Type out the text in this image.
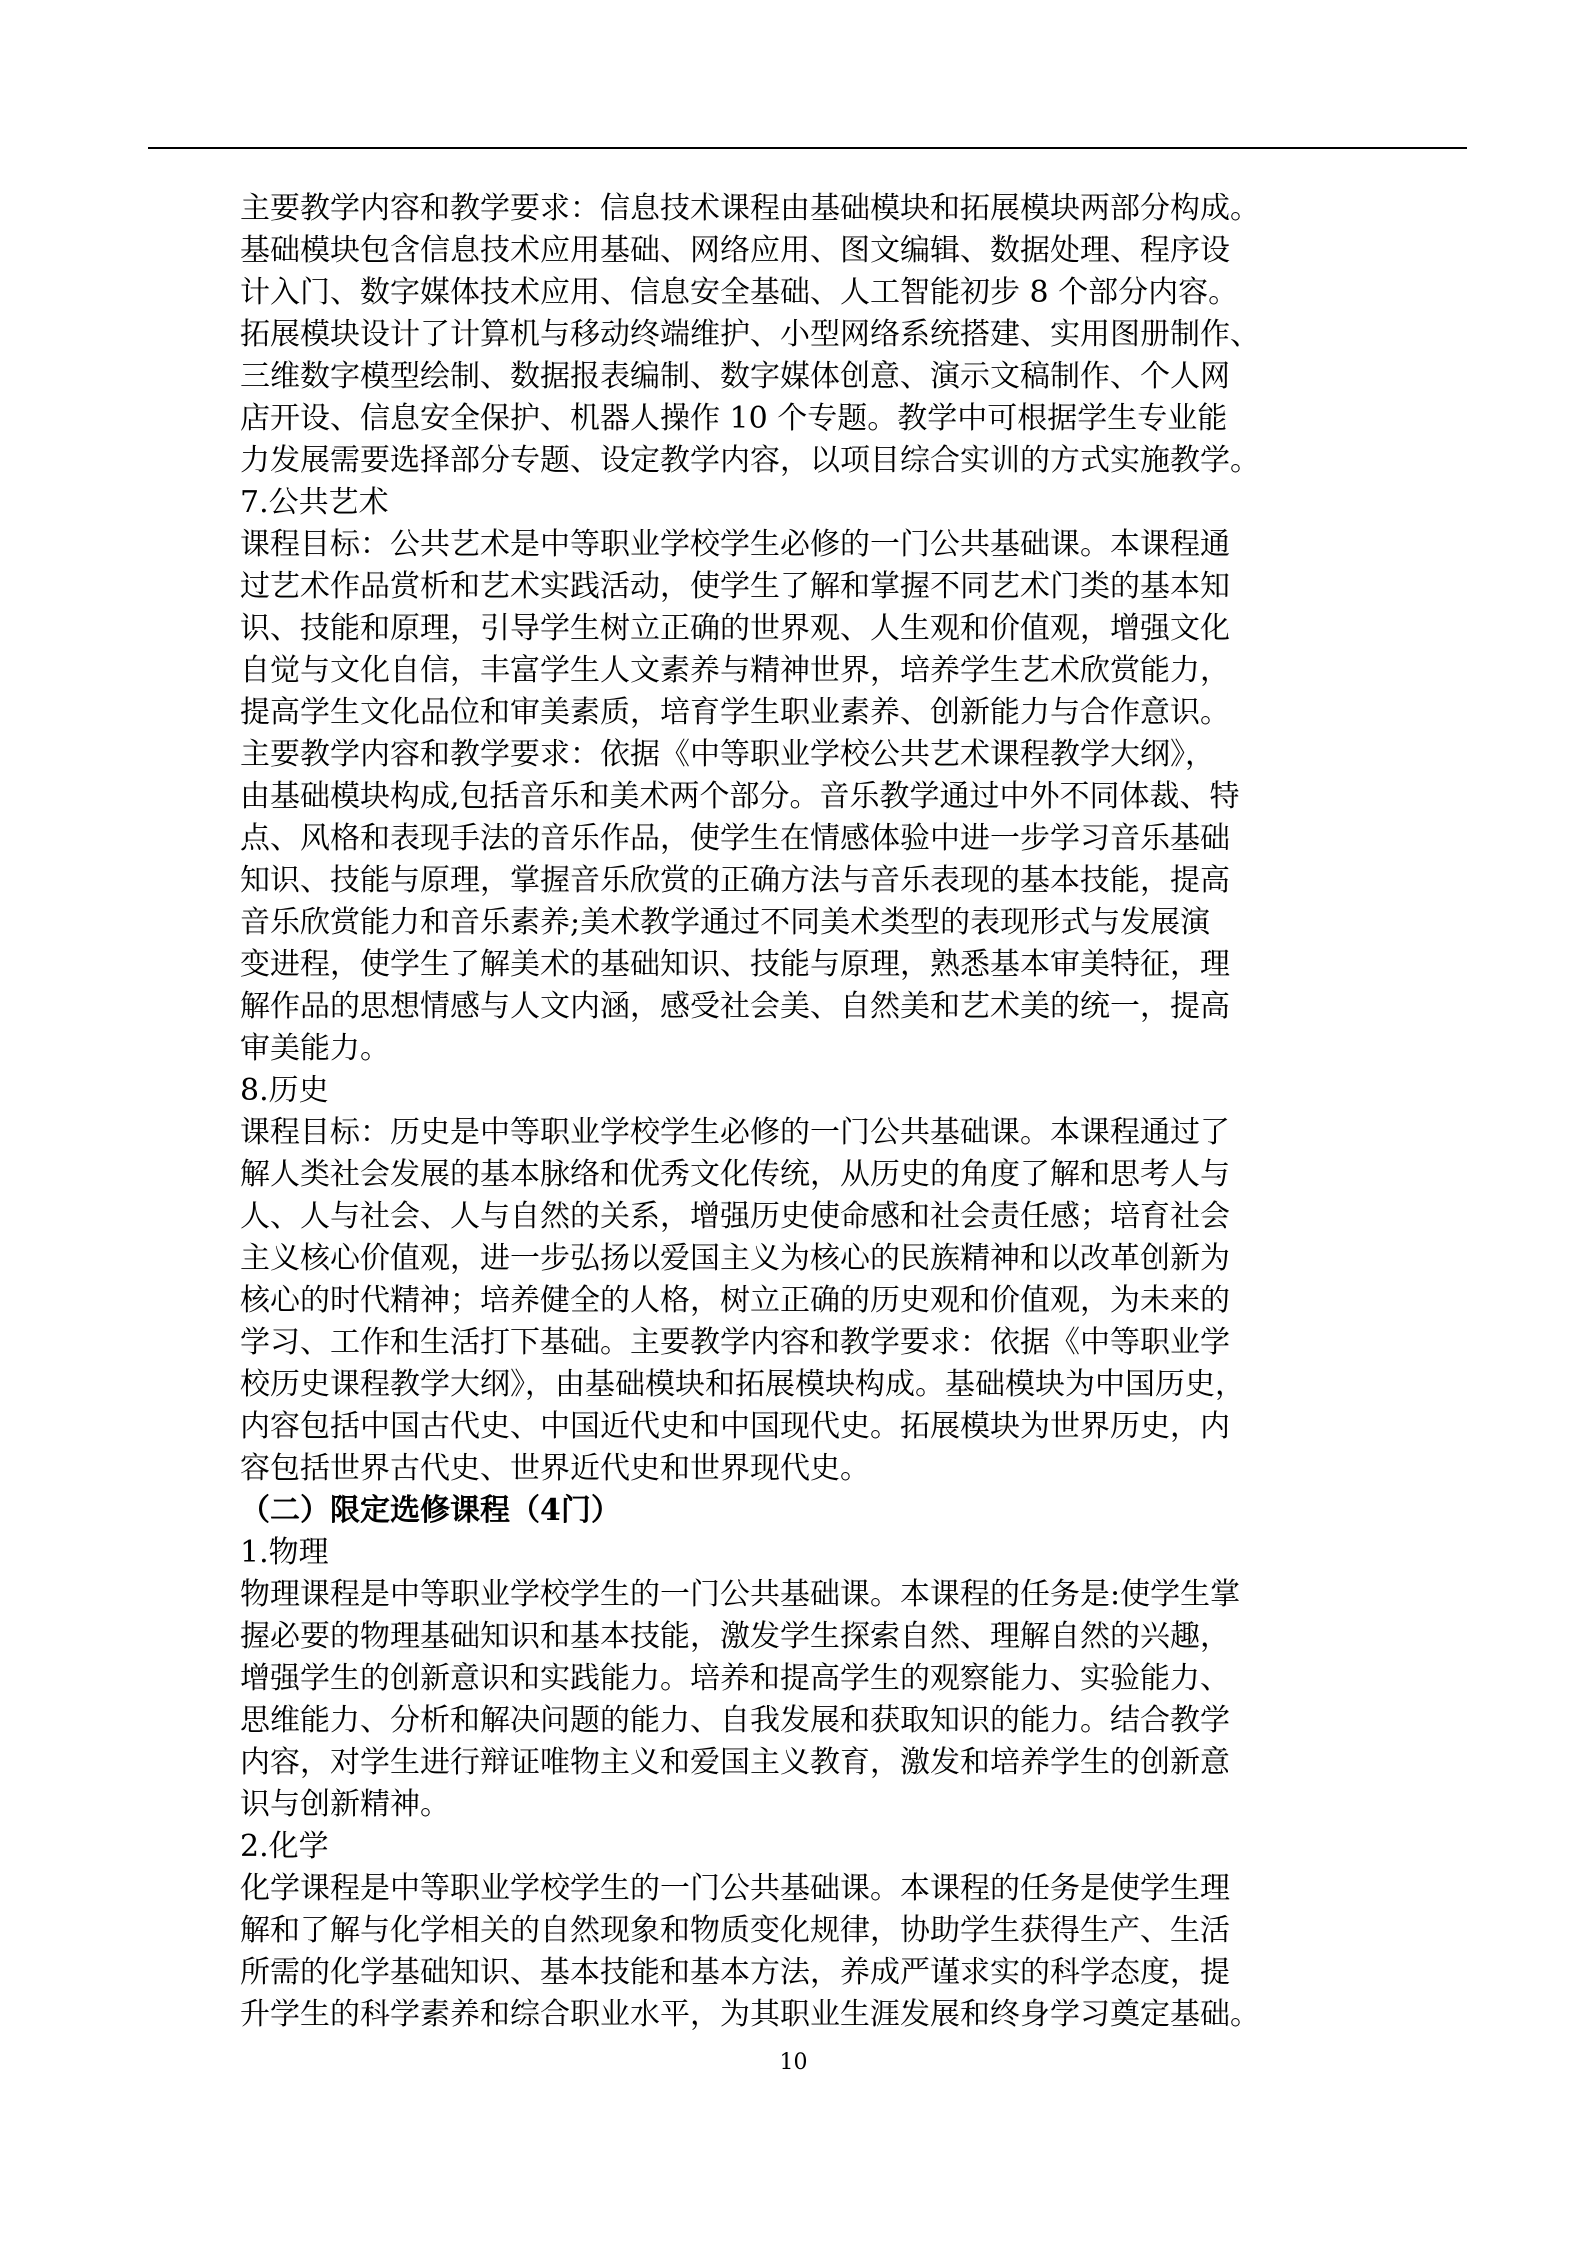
主要教学内容和教学要求：信息技术课程由基础模块和拓展模块两部分构成。
基础模块包含信息技术应用基础、网络应用、图文编辑、数据处理、程序设
计入门、数字媒体技术应用、信息安全基础、人工智能初步 8 个部分内容。
拓展模块设计了计算机与移动终端维护、小型网络系统搭建、实用图册制作、
三维数字模型绘制、数据报表编制、数字媒体创意、演示文稿制作、个人网
店开设、信息安全保护、机器人操作 10 个专题。教学中可根据学生专业能
力发展需要选择部分专题、设定教学内容，以项目综合实训的方式实施教学。
7.公共艺术
课程目标：公共艺术是中等职业学校学生必修的一门公共基础课。本课程通
过艺术作品赏析和艺术实践活动，使学生了解和掌握不同艺术门类的基本知
识、技能和原理，引导学生树立正确的世界观、人生观和价值观，增强文化
自觉与文化自信，丰富学生人文素养与精神世界，培养学生艺术欣赏能力，
提高学生文化品位和审美素质，培育学生职业素养、创新能力与合作意识。
主要教学内容和教学要求：依据《中等职业学校公共艺术课程教学大纲》，
由基础模块构成,包括音乐和美术两个部分。音乐教学通过中外不同体裁、特
点、风格和表现手法的音乐作品，使学生在情感体验中进一步学习音乐基础
知识、技能与原理，掌握音乐欣赏的正确方法与音乐表现的基本技能，提高
音乐欣赏能力和音乐素养;美术教学通过不同美术类型的表现形式与发展演
变进程，使学生了解美术的基础知识、技能与原理，熟悉基本审美特征，理
解作品的思想情感与人文内涵，感受社会美、自然美和艺术美的统一，提高
审美能力。
8.历史
课程目标：历史是中等职业学校学生必修的一门公共基础课。本课程通过了
解人类社会发展的基本脉络和优秀文化传统，从历史的角度了解和思考人与
人、人与社会、人与自然的关系，增强历史使命感和社会责任感；培育社会
主义核心价值观，进一步弘扬以爱国主义为核心的民族精神和以改革创新为
核心的时代精神；培养健全的人格，树立正确的历史观和价值观，为未来的
学习、工作和生活打下基础。主要教学内容和教学要求：依据《中等职业学
校历史课程教学大纲》，由基础模块和拓展模块构成。基础模块为中国历史，
内容包括中国古代史、中国近代史和中国现代史。拓展模块为世界历史，内
容包括世界古代史、世界近代史和世界现代史。
（二）限定选修课程（4门）
1.物理
物理课程是中等职业学校学生的一门公共基础课。本课程的任务是:使学生掌
握必要的物理基础知识和基本技能，激发学生探索自然、理解自然的兴趣，
增强学生的创新意识和实践能力。培养和提高学生的观察能力、实验能力、
思维能力、分析和解决问题的能力、自我发展和获取知识的能力。结合教学
内容，对学生进行辩证唯物主义和爱国主义教育，激发和培养学生的创新意
识与创新精神。
2.化学
化学课程是中等职业学校学生的一门公共基础课。本课程的任务是使学生理
解和了解与化学相关的自然现象和物质变化规律，协助学生获得生产、生活
所需的化学基础知识、基本技能和基本方法，养成严谨求实的科学态度，提
升学生的科学素养和综合职业水平，为其职业生涯发展和终身学习奠定基础。
10
